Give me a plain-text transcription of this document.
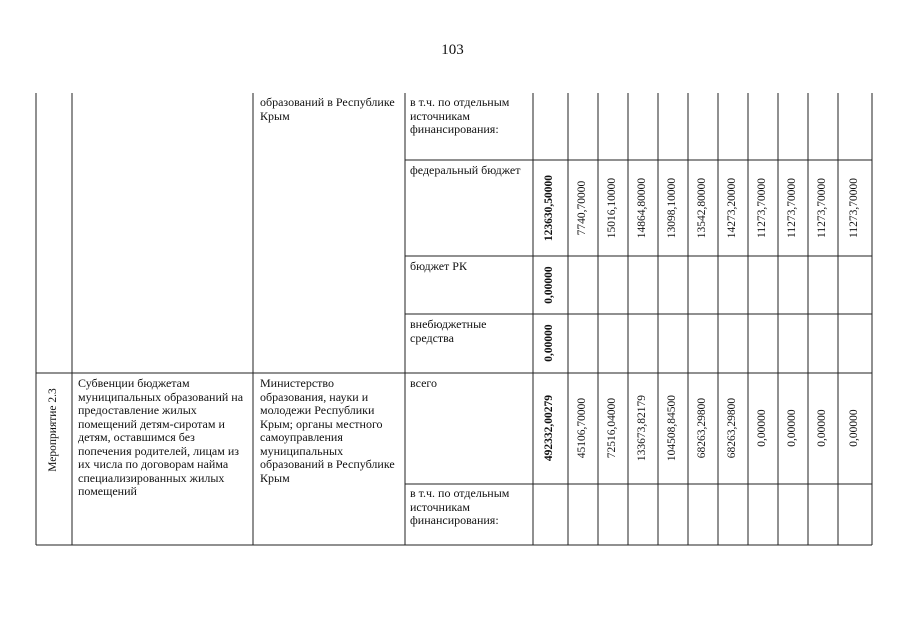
103
образований в Республике Крым
в т.ч. по отдельным источникам финансирования:
федеральный бюджет
123630,50000 7740,70000 15016,10000 14864,80000 13098,10000 13542,80000 14273,20000 11273,70000 11273,70000 11273,70000 11273,70000
бюджет РК
0,00000
внебюджетные средства	0,00000
Мероприятие 2.3
Субвенции бюджетам муниципальных образований на предоставление жилых помещений детям-сиротам и детям, оставшимся без попечения родителей, лицам из их числа по договорам найма специализированных жилых помещений
Министерство образования, науки и молодежи Республики Крым; органы местного самоуправления муниципальных образований в Республике Крым
всего
492332,00279 45106,70000 72516,04000 133673,82179 104508,84500 68263,29800 68263,29800 0,00000 0,00000 0,00000 0,00000
в т.ч. по отдельным источникам финансирования:
